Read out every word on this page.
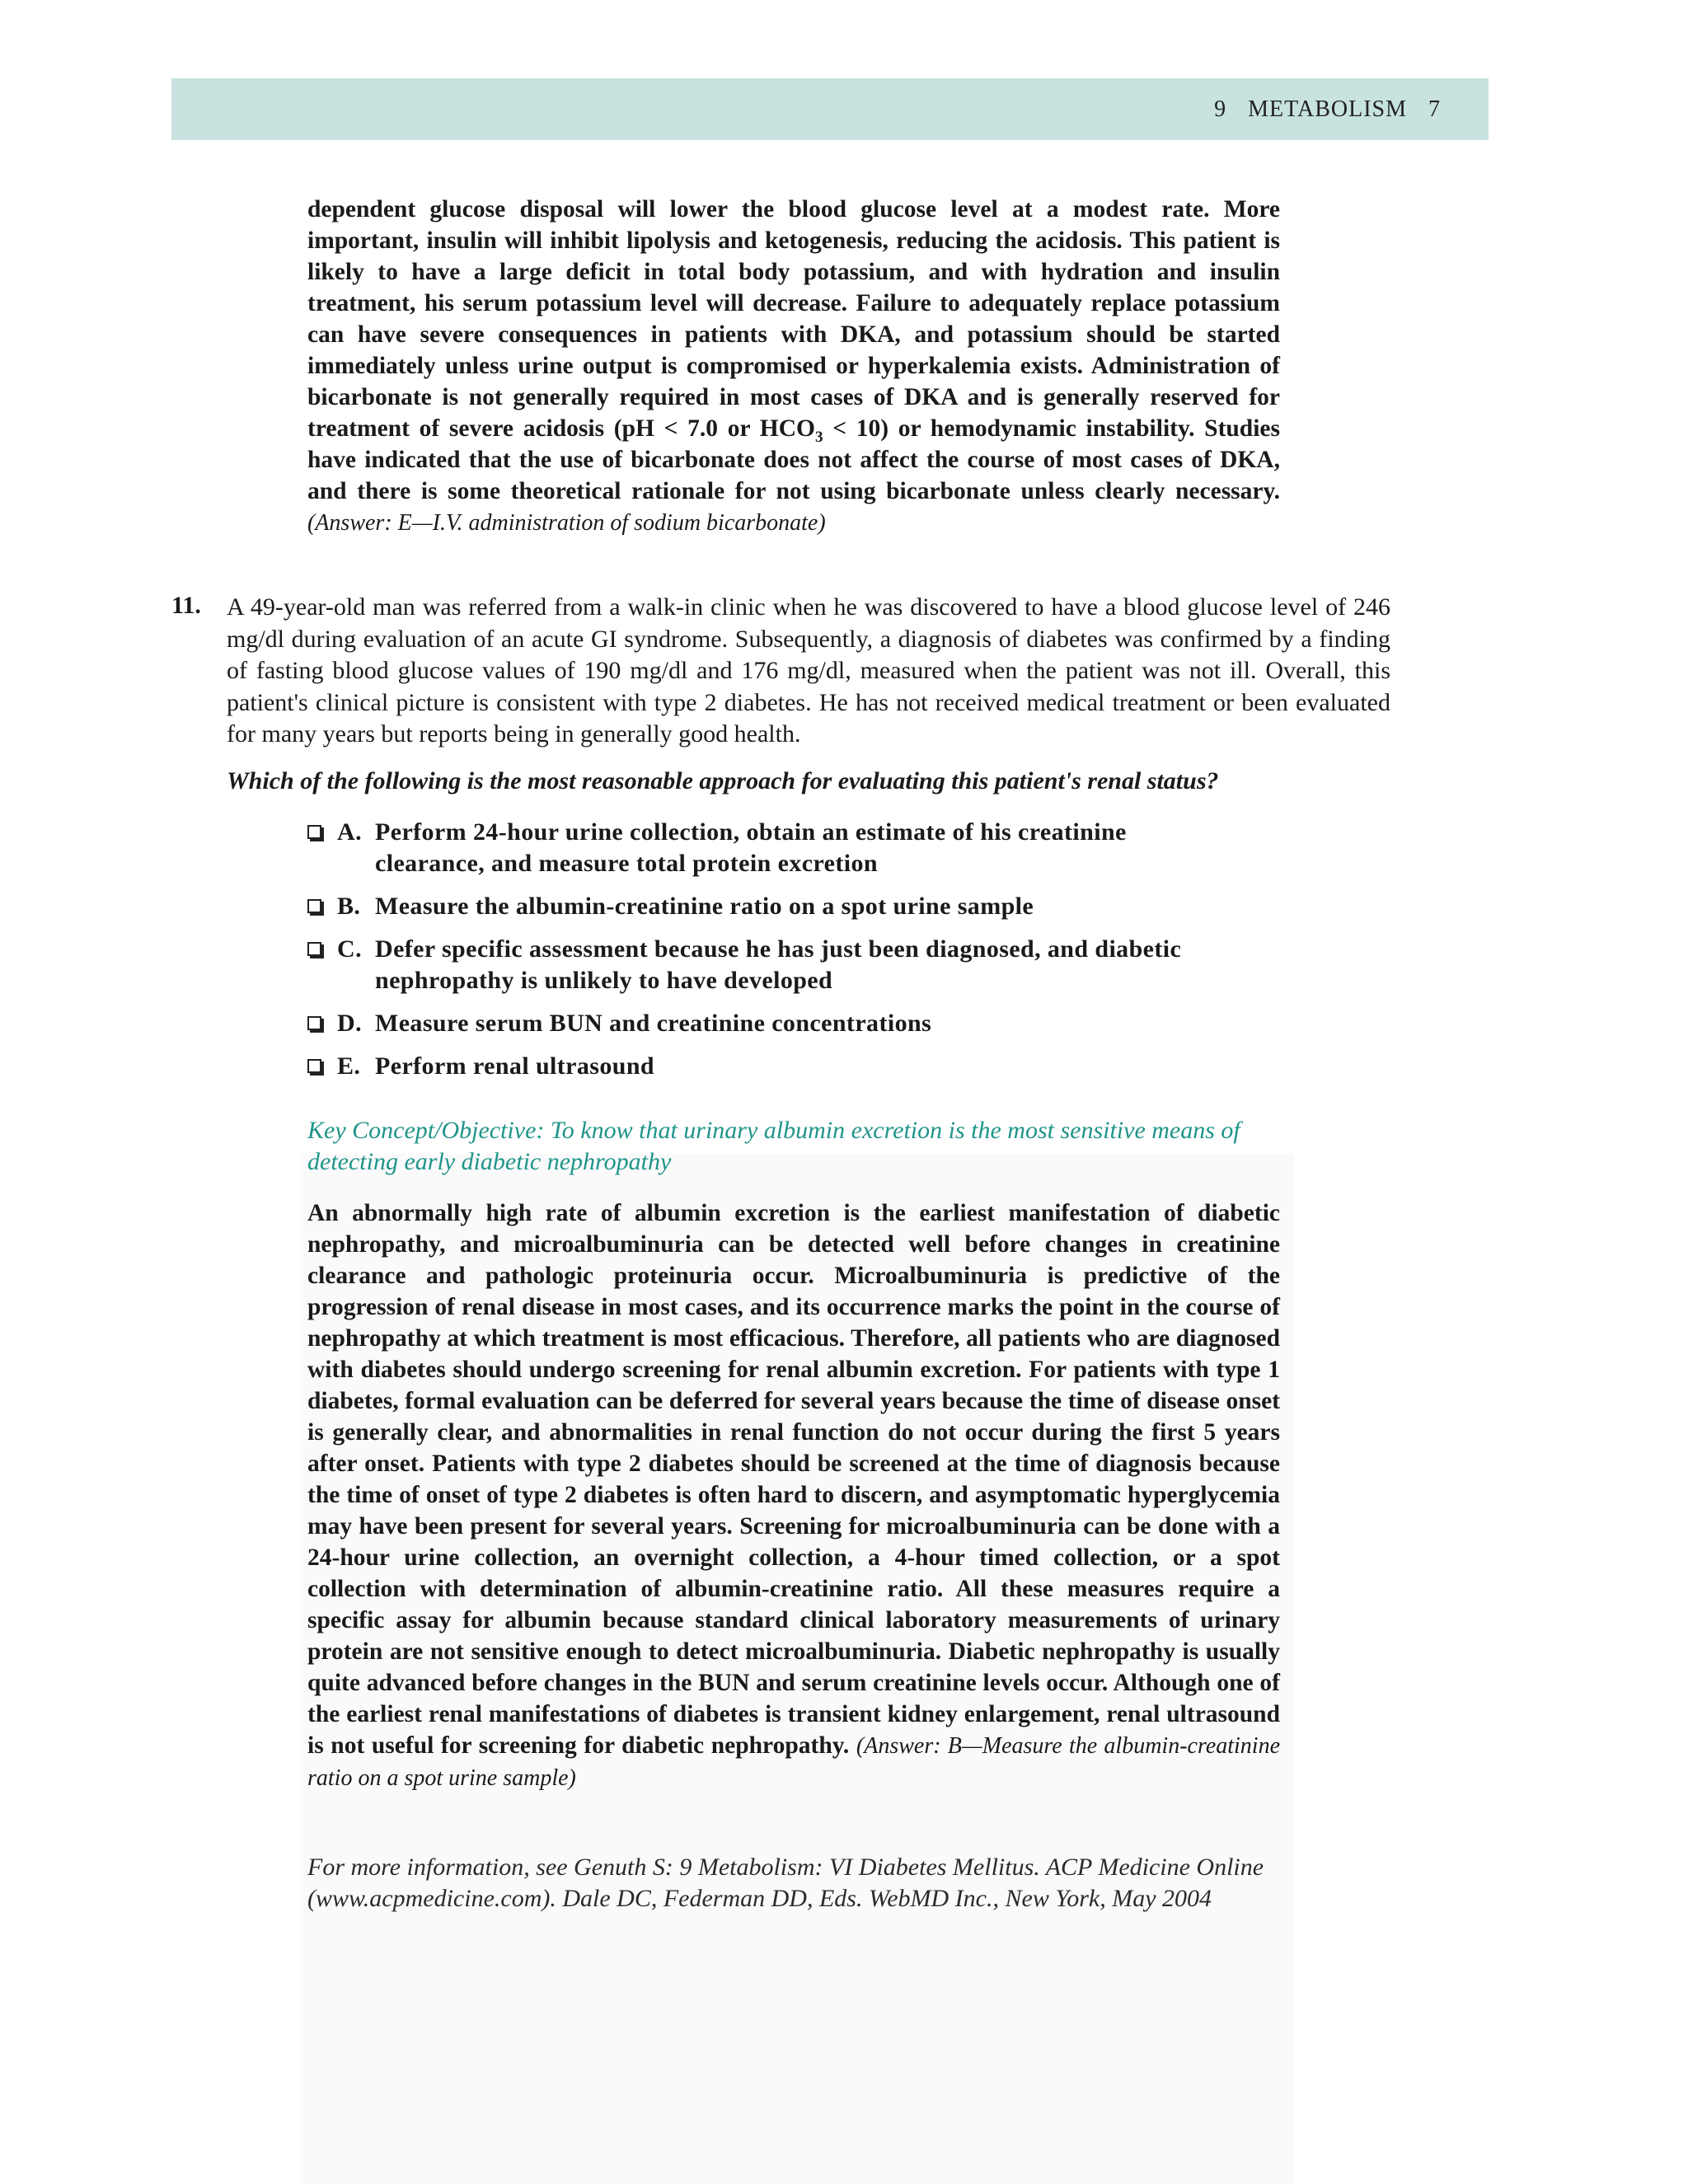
9 METABOLISM 7

dependent glucose disposal will lower the blood glucose level at a modest rate. More important, insulin will inhibit lipolysis and ketogenesis, reducing the acidosis. This patient is likely to have a large deficit in total body potassium, and with hydration and insulin treatment, his serum potassium level will decrease. Failure to adequately replace potassium can have severe consequences in patients with DKA, and potassium should be started immediately unless urine output is compromised or hyperkalemia exists. Administration of bicarbonate is not generally required in most cases of DKA and is generally reserved for treatment of severe acidosis (pH < 7.0 or $HCO_3 < 10$) or hemodynamic instability. Studies have indicated that the use of bicarbonate does not affect the course of most cases of DKA, and there is some theoretical rationale for not using bicarbonate unless clearly necessary. (Answer: E—I.V. administration of sodium bicarbonate)

11. A 49-year-old man was referred from a walk-in clinic when he was discovered to have a blood glucose level of 246 mg/dl during evaluation of an acute GI syndrome. Subsequently, a diagnosis of diabetes was confirmed by a finding of fasting blood glucose values of 190 mg/dl and 176 mg/dl, measured when the patient was not ill. Overall, this patient's clinical picture is consistent with type 2 diabetes. He has not received medical treatment or been evaluated for many years but reports being in generally good health.

Which of the following is the most reasonable approach for evaluating this patient's renal status?

A. Perform 24-hour urine collection, obtain an estimate of his creatinine clearance, and measure total protein excretion
B. Measure the albumin-creatinine ratio on a spot urine sample
C. Defer specific assessment because he has just been diagnosed, and diabetic nephropathy is unlikely to have developed
D. Measure serum BUN and creatinine concentrations
E. Perform renal ultrasound

Key Concept/Objective: To know that urinary albumin excretion is the most sensitive means of detecting early diabetic nephropathy

An abnormally high rate of albumin excretion is the earliest manifestation of diabetic nephropathy, and microalbuminuria can be detected well before changes in creatinine clearance and pathologic proteinuria occur. Microalbuminuria is predictive of the progression of renal disease in most cases, and its occurrence marks the point in the course of nephropathy at which treatment is most efficacious. Therefore, all patients who are diagnosed with diabetes should undergo screening for renal albumin excretion. For patients with type 1 diabetes, formal evaluation can be deferred for several years because the time of disease onset is generally clear, and abnormalities in renal function do not occur during the first 5 years after onset. Patients with type 2 diabetes should be screened at the time of diagnosis because the time of onset of type 2 diabetes is often hard to discern, and asymptomatic hyperglycemia may have been present for several years. Screening for microalbuminuria can be done with a 24-hour urine collection, an overnight collection, a 4-hour timed collection, or a spot collection with determination of albumin-creatinine ratio. All these measures require a specific assay for albumin because standard clinical laboratory measurements of urinary protein are not sensitive enough to detect microalbuminuria. Diabetic nephropathy is usually quite advanced before changes in the BUN and serum creatinine levels occur. Although one of the earliest renal manifestations of diabetes is transient kidney enlargement, renal ultrasound is not useful for screening for diabetic nephropathy. (Answer: B—Measure the albumin-creatinine ratio on a spot urine sample)

For more information, see Genuth S: 9 Metabolism: VI Diabetes Mellitus. ACP Medicine Online (www.acpmedicine.com). Dale DC, Federman DD, Eds. WebMD Inc., New York, May 2004
